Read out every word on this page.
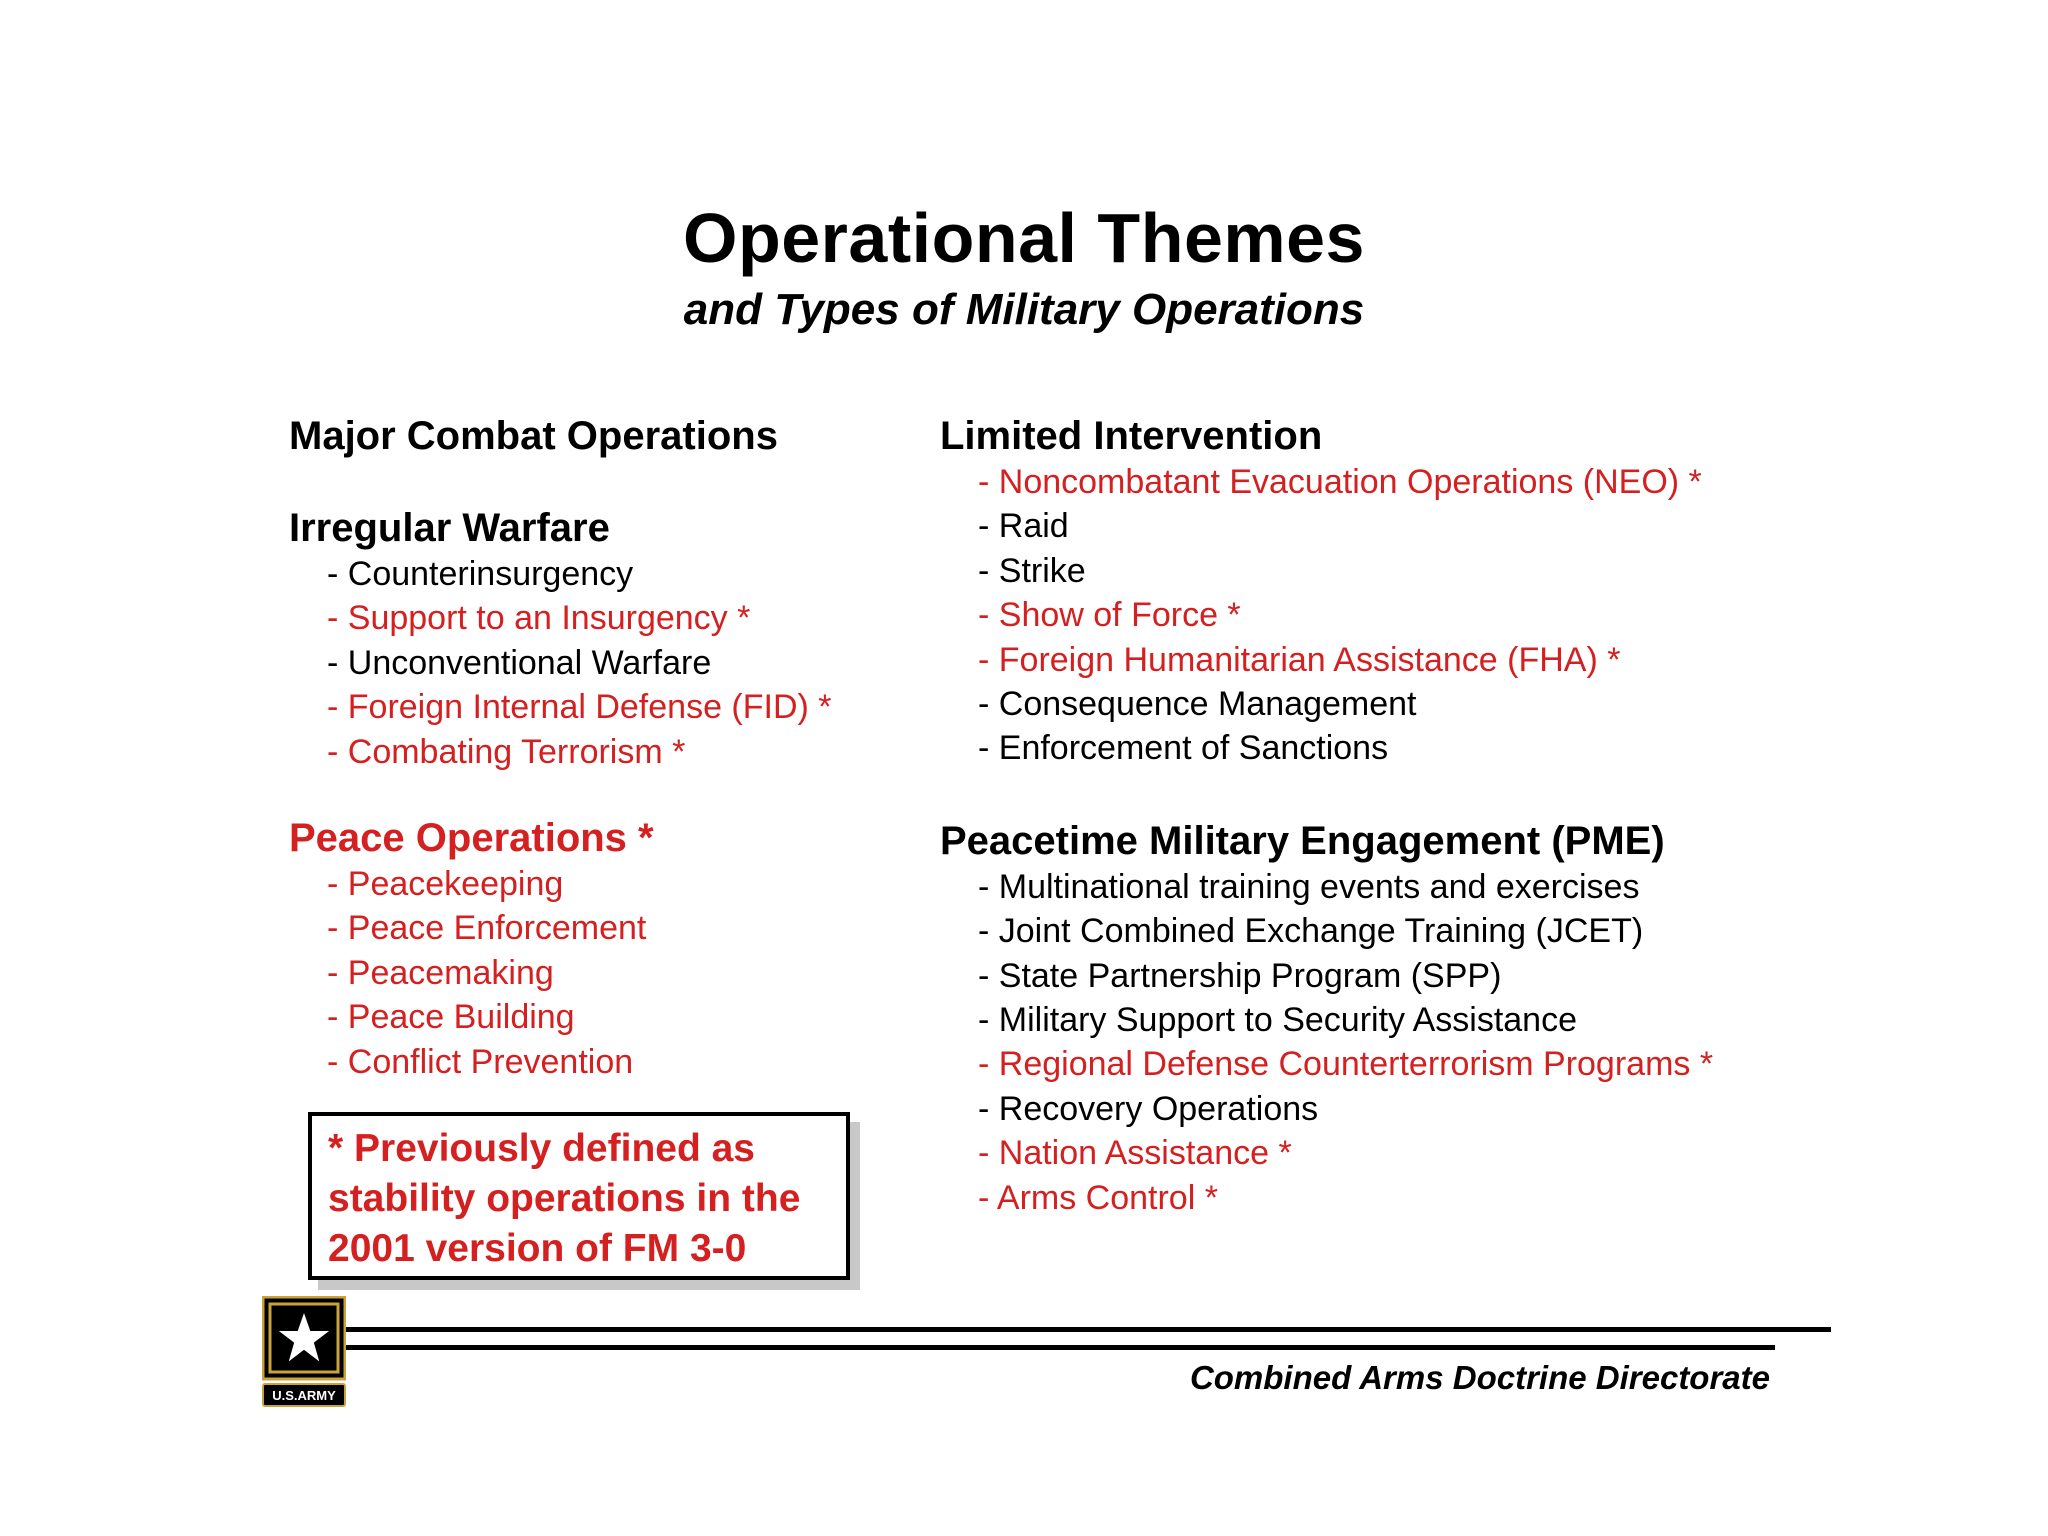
Operational Themes
and Types of Military Operations

Major Combat Operations

Irregular Warfare

- Counterinsurgency

- Support to an Insurgency *

- Unconventional Warfare

- Foreign Internal Defense (FID) *

- Combating Terrorism *

Peace Operations *

- Peacekeeping

- Peace Enforcement

- Peacemaking

- Peace Building

- Conflict Prevention

Limited Intervention

- Noncombatant Evacuation Operations (NEO) *

- Raid

- Strike

- Show of Force *

- Foreign Humanitarian Assistance (FHA) *

- Consequence Management

- Enforcement of Sanctions

Peacetime Military Engagement (PME)

- Multinational training events and exercises

- Joint Combined Exchange Training (JCET)

- State Partnership Program (SPP)

- Military Support to Security Assistance

- Regional Defense Counterterrorism Programs *

- Recovery Operations

- Nation Assistance *

- Arms Control *

* Previously defined as

stability operations in the

2001 version of FM 3-0

Combined Arms Doctrine Directorate

U.S.ARMY
